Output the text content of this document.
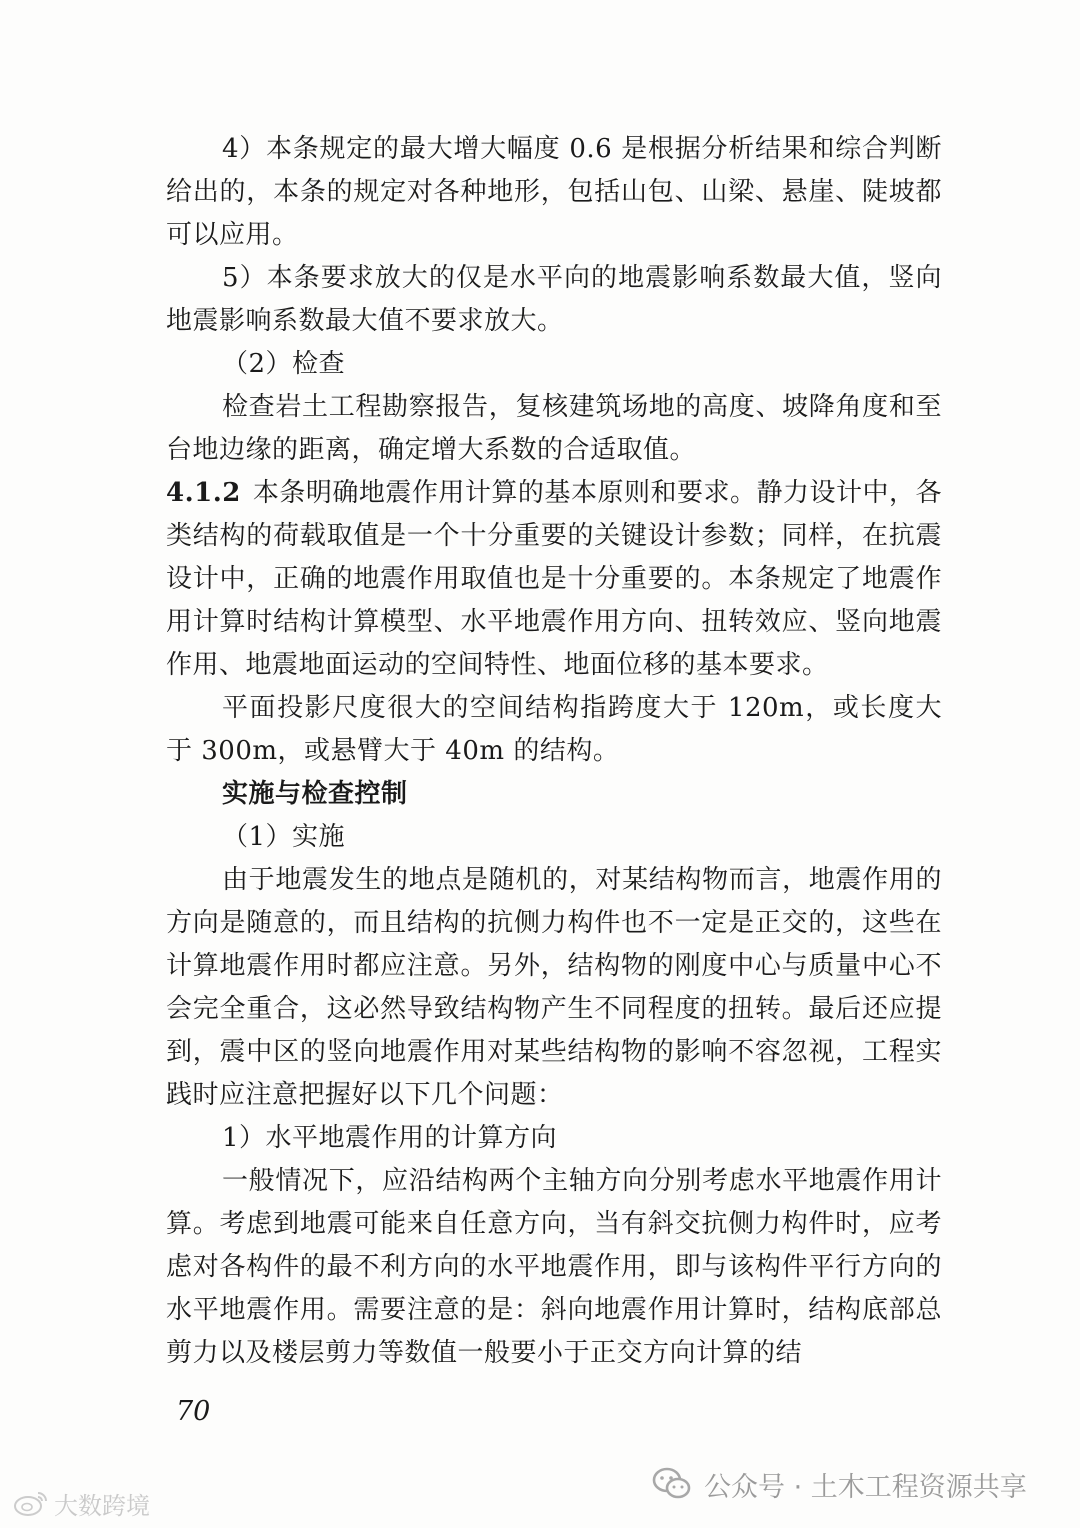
4）本条规定的最大增大幅度 0.6 是根据分析结果和综合判断给出的，本条的规定对各种地形，包括山包、山梁、悬崖、陡坡都可以应用。

5）本条要求放大的仅是水平向的地震影响系数最大值，竖向地震影响系数最大值不要求放大。

（2）检查

检查岩土工程勘察报告，复核建筑场地的高度、坡降角度和至台地边缘的距离，确定增大系数的合适取值。

4.1.2 本条明确地震作用计算的基本原则和要求。静力设计中，各类结构的荷载取值是一个十分重要的关键设计参数；同样，在抗震设计中，正确的地震作用取值也是十分重要的。本条规定了地震作用计算时结构计算模型、水平地震作用方向、扭转效应、竖向地震作用、地震地面运动的空间特性、地面位移的基本要求。

平面投影尺度很大的空间结构指跨度大于 120m，或长度大于 300m，或悬臂大于 40m 的结构。

实施与检查控制

（1）实施

由于地震发生的地点是随机的，对某结构物而言，地震作用的方向是随意的，而且结构的抗侧力构件也不一定是正交的，这些在计算地震作用时都应注意。另外，结构物的刚度中心与质量中心不会完全重合，这必然导致结构物产生不同程度的扭转。最后还应提到，震中区的竖向地震作用对某些结构物的影响不容忽视，工程实践时应注意把握好以下几个问题：

1）水平地震作用的计算方向

一般情况下，应沿结构两个主轴方向分别考虑水平地震作用计算。考虑到地震可能来自任意方向，当有斜交抗侧力构件时，应考虑对各构件的最不利方向的水平地震作用，即与该构件平行方向的水平地震作用。需要注意的是：斜向地震作用计算时，结构底部总剪力以及楼层剪力等数值一般要小于正交方向计算的结

70
公众号 · 土木工程资源共享
大数跨境
